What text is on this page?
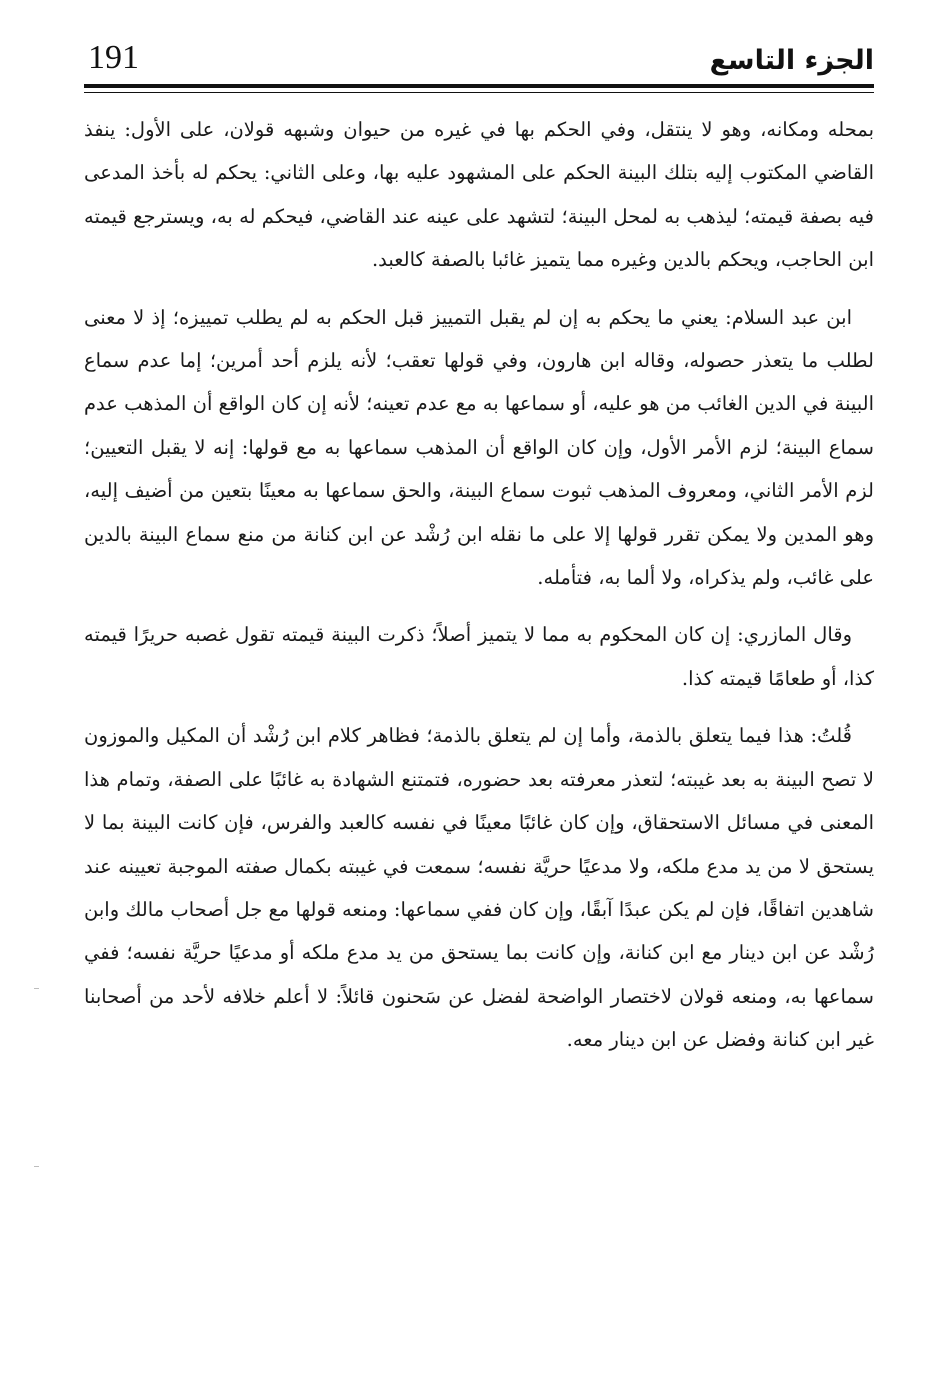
الجزء التاسع
191

بمحله ومكانه، وهو لا ينتقل، وفي الحكم بها في غيره من حيوان وشبهه قولان، على الأول: ينفذ القاضي المكتوب إليه بتلك البينة الحكم على المشهود عليه بها، وعلى الثاني: يحكم له بأخذ المدعى فيه بصفة قيمته؛ ليذهب به لمحل البينة؛ لتشهد على عينه عند القاضي، فيحكم له به، ويسترجع قيمته ابن الحاجب، ويحكم بالدين وغيره مما يتميز غائبا بالصفة كالعبد.

ابن عبد السلام: يعني ما يحكم به إن لم يقبل التمييز قبل الحكم به لم يطلب تمييزه؛ إذ لا معنى لطلب ما يتعذر حصوله، وقاله ابن هارون، وفي قولها تعقب؛ لأنه يلزم أحد أمرين؛ إما عدم سماع البينة في الدين الغائب من هو عليه، أو سماعها به مع عدم تعينه؛ لأنه إن كان الواقع أن المذهب عدم سماع البينة؛ لزم الأمر الأول، وإن كان الواقع أن المذهب سماعها به مع قولها: إنه لا يقبل التعيين؛ لزم الأمر الثاني، ومعروف المذهب ثبوت سماع البينة، والحق سماعها به معينًا بتعين من أضيف إليه، وهو المدين ولا يمكن تقرر قولها إلا على ما نقله ابن رُشْد عن ابن كنانة من منع سماع البينة بالدين على غائب، ولم يذكراه، ولا ألما به، فتأمله.

وقال المازري: إن كان المحكوم به مما لا يتميز أصلاً؛ ذكرت البينة قيمته تقول غصبه حريرًا قيمته كذا، أو طعامًا قيمته كذا.

قُلتُ: هذا فيما يتعلق بالذمة، وأما إن لم يتعلق بالذمة؛ فظاهر كلام ابن رُشْد أن المكيل والموزون لا تصح البينة به بعد غيبته؛ لتعذر معرفته بعد حضوره، فتمتنع الشهادة به غائبًا على الصفة، وتمام هذا المعنى في مسائل الاستحقاق، وإن كان غائبًا معينًا في نفسه كالعبد والفرس، فإن كانت البينة بما لا يستحق لا من يد مدع ملكه، ولا مدعيًا حريَّة نفسه؛ سمعت في غيبته بكمال صفته الموجبة تعيينه عند شاهدين اتفاقًا، فإن لم يكن عبدًا آبقًا، وإن كان ففي سماعها: ومنعه قولها مع جل أصحاب مالك وابن رُشْد عن ابن دينار مع ابن كنانة، وإن كانت بما يستحق من يد مدع ملكه أو مدعيًا حريَّة نفسه؛ ففي سماعها به، ومنعه قولان لاختصار الواضحة لفضل عن سَحنون قائلاً: لا أعلم خلافه لأحد من أصحابنا غير ابن كنانة وفضل عن ابن دينار معه.
